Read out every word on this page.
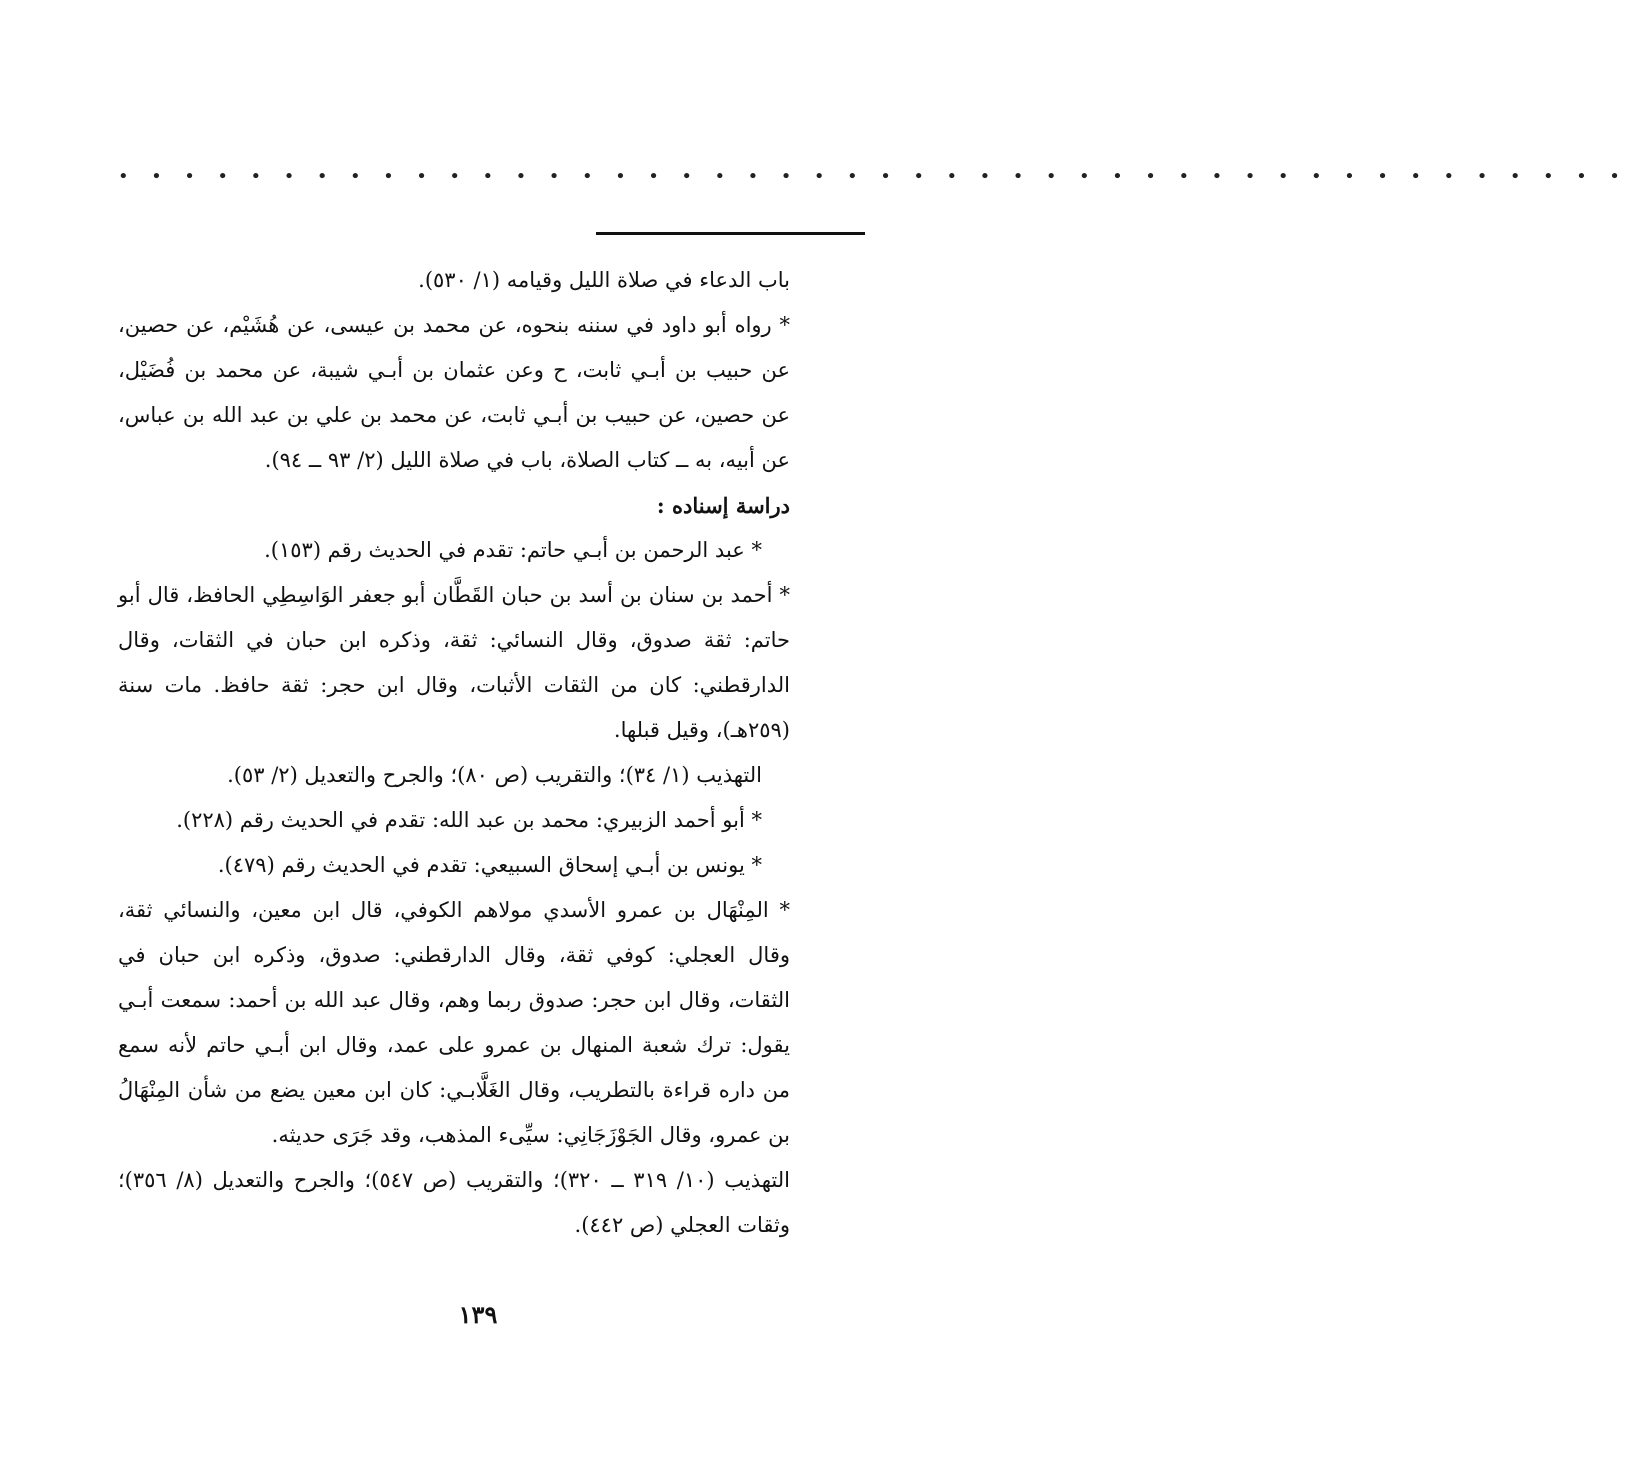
• • • • • • • • • • • • • • • • • • • • • • • • • • • • • • • • • • • • • • • • • • • • • •

باب الدعاء في صلاة الليل وقيامه (١/ ٥٣٠).

* رواه أبو داود في سننه بنحوه، عن محمد بن عيسى، عن هُشَيْم، عن حصين، عن حبيب بن أبـي ثابت، ح وعن عثمان بن أبـي شيبة، عن محمد بن فُضَيْل، عن حصين، عن حبيب بن أبـي ثابت، عن محمد بن علي بن عبد الله بن عباس، عن أبيه، به ــ كتاب الصلاة، باب في صلاة الليل (٢/ ٩٣ ــ ٩٤).

دراسة إسناده :

* عبد الرحمن بن أبـي حاتم: تقدم في الحديث رقم (١٥٣).

* أحمد بن سنان بن أسد بن حبان القَطَّان أبو جعفر الوَاسِطِي الحافظ، قال أبو حاتم: ثقة صدوق، وقال النسائي: ثقة، وذكره ابن حبان في الثقات، وقال الدارقطني: كان من الثقات الأثبات، وقال ابن حجر: ثقة حافظ. مات سنة (٢٥٩هـ)، وقيل قبلها.

التهذيب (١/ ٣٤)؛ والتقريب (ص ٨٠)؛ والجرح والتعديل (٢/ ٥٣).

* أبو أحمد الزبيري: محمد بن عبد الله: تقدم في الحديث رقم (٢٢٨).

* يونس بن أبـي إسحاق السبيعي: تقدم في الحديث رقم (٤٧٩).

* المِنْهَال بن عمرو الأسدي مولاهم الكوفي، قال ابن معين، والنسائي ثقة، وقال العجلي: كوفي ثقة، وقال الدارقطني: صدوق، وذكره ابن حبان في الثقات، وقال ابن حجر: صدوق ربما وهم، وقال عبد الله بن أحمد: سمعت أبـي يقول: ترك شعبة المنهال بن عمرو على عمد، وقال ابن أبـي حاتم لأنه سمع من داره قراءة بالتطريب، وقال الغَلَّابـي: كان ابن معين يضع من شأن المِنْهَالُ بن عمرو، وقال الجَوْزَجَانِي: سيِّىء المذهب، وقد جَرَى حديثه.

التهذيب (١٠/ ٣١٩ ــ ٣٢٠)؛ والتقريب (ص ٥٤٧)؛ والجرح والتعديل (٨/ ٣٥٦)؛ وثقات العجلي (ص ٤٤٢).

١٣٩
